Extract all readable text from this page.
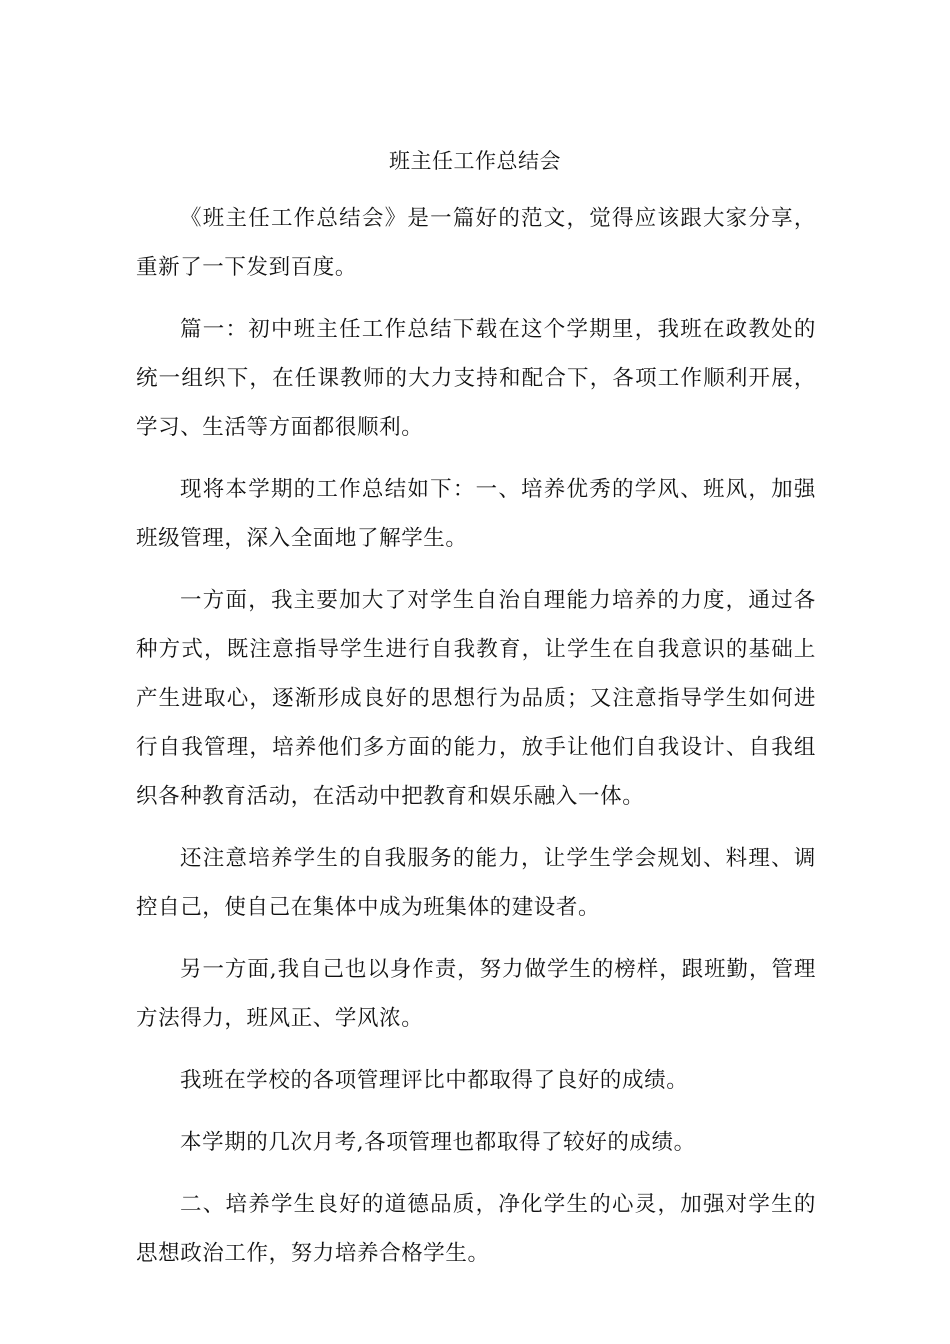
班主任工作总结会

《班主任工作总结会》是一篇好的范文，觉得应该跟大家分享，重新了一下发到百度。

篇一：初中班主任工作总结下载在这个学期里，我班在政教处的统一组织下，在任课教师的大力支持和配合下，各项工作顺利开展，学习、生活等方面都很顺利。

现将本学期的工作总结如下：一、培养优秀的学风、班风，加强班级管理，深入全面地了解学生。

一方面，我主要加大了对学生自治自理能力培养的力度，通过各种方式，既注意指导学生进行自我教育，让学生在自我意识的基础上产生进取心，逐渐形成良好的思想行为品质；又注意指导学生如何进行自我管理，培养他们多方面的能力，放手让他们自我设计、自我组织各种教育活动，在活动中把教育和娱乐融入一体。

还注意培养学生的自我服务的能力，让学生学会规划、料理、调控自己，使自己在集体中成为班集体的建设者。

另一方面,我自己也以身作责，努力做学生的榜样，跟班勤，管理方法得力，班风正、学风浓。

我班在学校的各项管理评比中都取得了良好的成绩。

本学期的几次月考,各项管理也都取得了较好的成绩。

二、培养学生良好的道德品质，净化学生的心灵，加强对学生的思想政治工作，努力培养合格学生。
